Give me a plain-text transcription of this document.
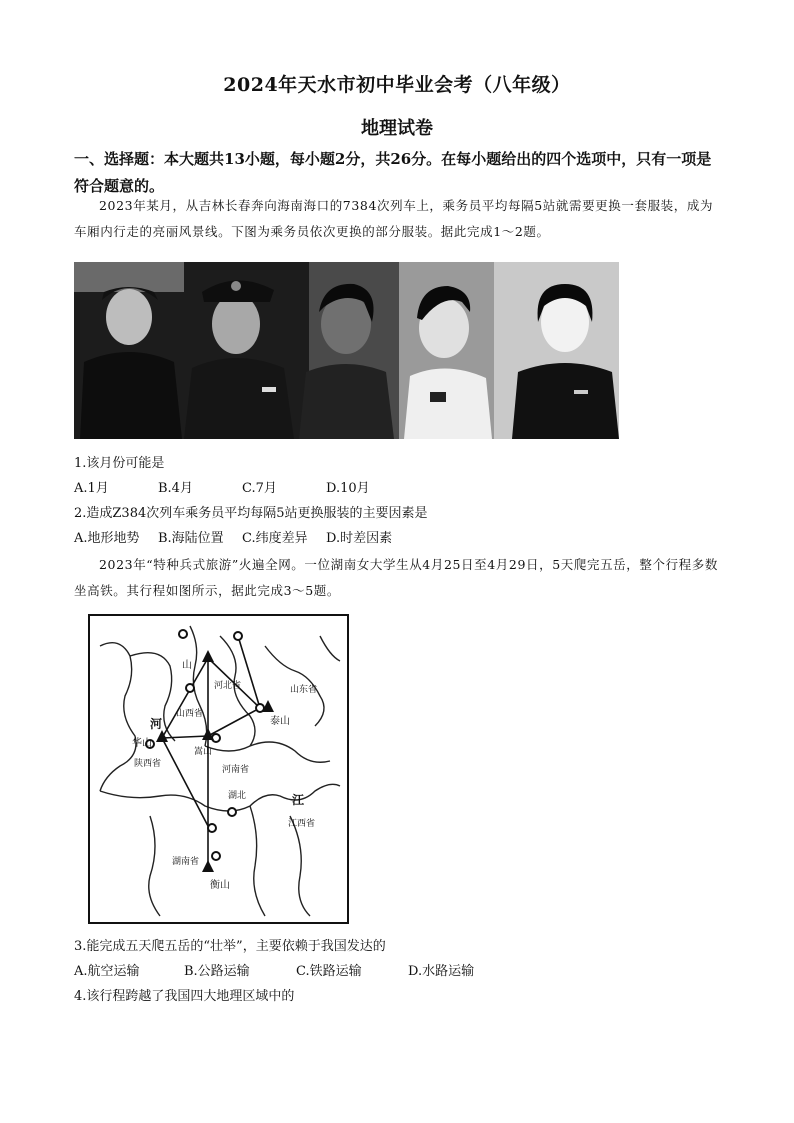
2024年天水市初中毕业会考（八年级）
地理试卷
一、选择题：本大题共13小题，每小题2分，共26分。在每小题给出的四个选项中，只有一项是符合题意的。
2023年某月，从吉林长春奔向海南海口的7384次列车上，乘务员平均每隔5站就需要更换一套服装，成为车厢内行走的亮丽风景线。下图为乘务员依次更换的部分服装。据此完成1～2题。
1.该月份可能是
A.1月	B.4月	C.7月	D.10月
2.造成Z384次列车乘务员平均每隔5站更换服装的主要因素是
A.地形地势 B.海陆位置 C.纬度差异 D.时差因素
2023年“特种兵式旅游”火遍全网。一位湖南女大学生从4月25日至4月29日，5天爬完五岳，整个行程多数坐高铁。其行程如图所示，据此完成3～5题。
山
华山
嵩山
泰山
衡山
陕西省
湖南省
河南省
山西省
河北省	山东省
江西省
湖北
河
江
3.能完成五天爬五岳的“壮举”，主要依赖于我国发达的
A.航空运输	B.公路运输	C.铁路运输	D.水路运输
4.该行程跨越了我国四大地理区域中的
